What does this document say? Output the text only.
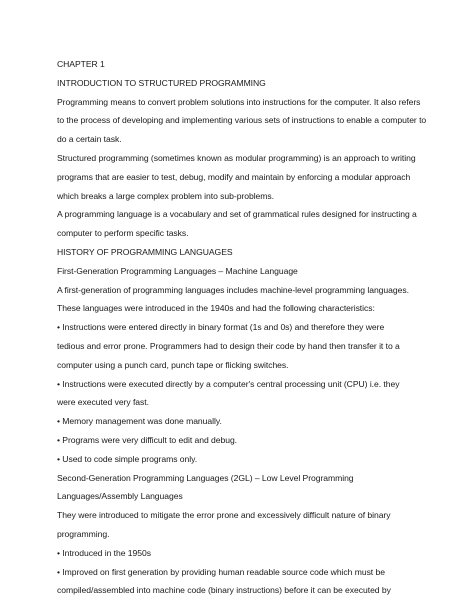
CHAPTER 1
INTRODUCTION TO STRUCTURED PROGRAMMING
Programming means to convert problem solutions into instructions for the computer. It also refers
to the process of developing and implementing various sets of instructions to enable a computer to
do a certain task.
Structured programming (sometimes known as modular programming) is an approach to writing
programs that are easier to test, debug, modify and maintain by enforcing a modular approach
which breaks a large complex problem into sub-problems.
A programming language is a vocabulary and set of grammatical rules designed for instructing a
computer to perform specific tasks.
HISTORY OF PROGRAMMING LANGUAGES
First-Generation Programming Languages – Machine Language
A first-generation of programming languages includes machine-level programming languages.
These languages were introduced in the 1940s and had the following characteristics:
• Instructions were entered directly in binary format (1s and 0s) and therefore they were
tedious and error prone. Programmers had to design their code by hand then transfer it to a
computer using a punch card, punch tape or flicking switches.
• Instructions were executed directly by a computer's central processing unit (CPU) i.e. they
were executed very fast.
• Memory management was done manually.
• Programs were very difficult to edit and debug.
• Used to code simple programs only.
Second-Generation Programming Languages (2GL) – Low Level Programming
Languages/Assembly Languages
They were introduced to mitigate the error prone and excessively difficult nature of binary
programming.
• Introduced in the 1950s
• Improved on first generation by providing human readable source code which must be
compiled/assembled into machine code (binary instructions) before it can be executed by
